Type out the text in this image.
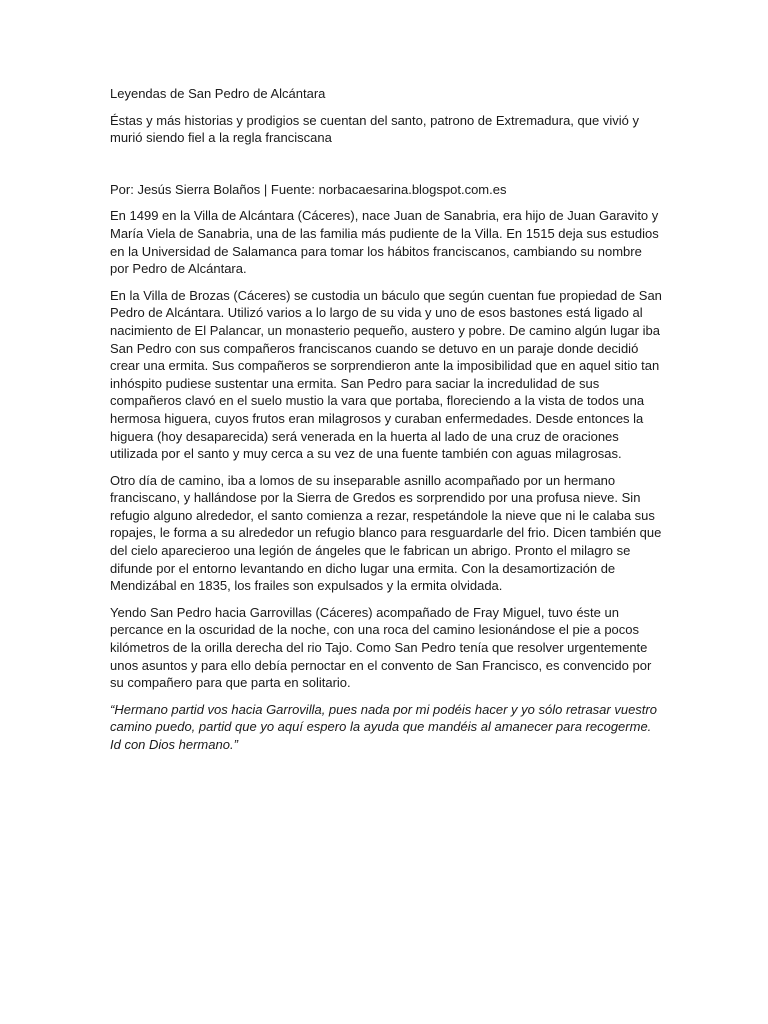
Leyendas de San Pedro de Alcántara

Éstas y más historias y prodigios se cuentan del santo, patrono de Extremadura, que vivió y murió siendo fiel a la regla franciscana

Por: Jesús Sierra Bolaños | Fuente: norbacaesarina.blogspot.com.es

En 1499 en la Villa de Alcántara (Cáceres), nace Juan de Sanabria, era hijo de Juan Garavito y María Viela de Sanabria, una de las familia más pudiente de la Villa. En 1515 deja sus estudios en la Universidad de Salamanca para tomar los hábitos franciscanos, cambiando su nombre por Pedro de Alcántara.

En la Villa de Brozas (Cáceres) se custodia un báculo que según cuentan fue propiedad de San Pedro de Alcántara. Utilizó varios a lo largo de su vida y uno de esos bastones está ligado al nacimiento de El Palancar, un monasterio pequeño, austero y pobre. De camino algún lugar iba San Pedro con sus compañeros franciscanos cuando se detuvo en un paraje donde decidió crear una ermita. Sus compañeros se sorprendieron ante la imposibilidad que en aquel sitio tan inhóspito pudiese sustentar una ermita. San Pedro para saciar la incredulidad de sus compañeros clavó en el suelo mustio la vara que portaba, floreciendo a la vista de todos una hermosa higuera, cuyos frutos eran milagrosos y curaban enfermedades. Desde entonces la higuera (hoy desaparecida) será venerada en la huerta al lado de una cruz de oraciones utilizada por el santo y muy cerca a su vez de una fuente también con aguas milagrosas.

Otro día de camino, iba a lomos de su inseparable asnillo acompañado por un hermano franciscano, y hallándose por la Sierra de Gredos es sorprendido por una profusa nieve. Sin refugio alguno alrededor, el santo comienza a rezar, respetándole la nieve que ni le calaba sus ropajes, le forma a su alrededor un refugio blanco para resguardarle del frio. Dicen también que del cielo aparecieroo una legión de ángeles que le fabrican un abrigo. Pronto el milagro se difunde por el entorno levantando en dicho lugar una ermita. Con la desamortización de Mendizábal en 1835, los frailes son expulsados y la ermita olvidada.

Yendo San Pedro hacia Garrovillas (Cáceres) acompañado de Fray Miguel, tuvo éste un percance en la oscuridad de la noche, con una roca del camino lesionándose el pie a pocos kilómetros de la orilla derecha del rio Tajo. Como San Pedro tenía que resolver urgentemente unos asuntos y para ello debía pernoctar en el convento de San Francisco, es convencido por su compañero para que parta en solitario.

“Hermano partid vos hacia Garrovilla, pues nada por mi podéis hacer y yo sólo retrasar vuestro camino puedo, partid que yo aquí espero la ayuda que mandéis al amanecer para recogerme. Id con Dios hermano.”
